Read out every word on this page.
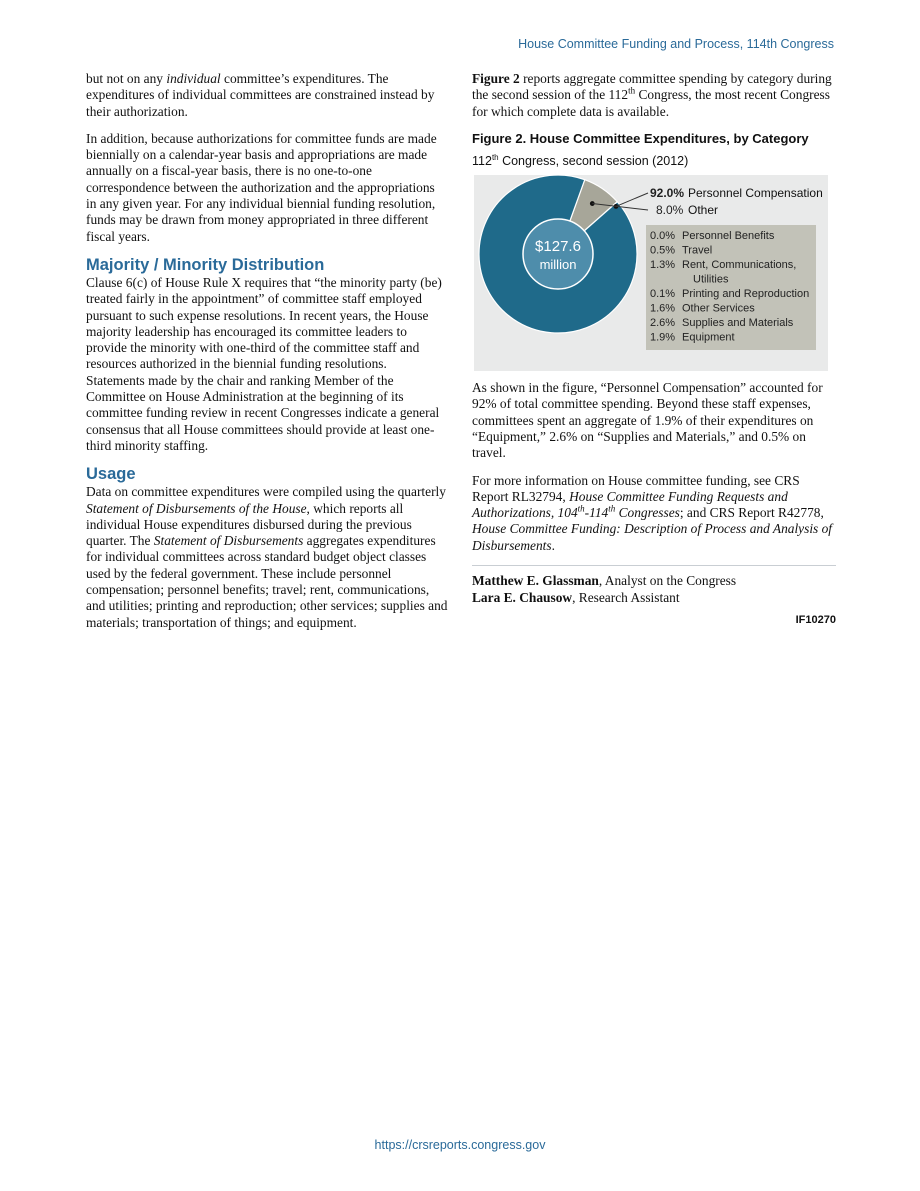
House Committee Funding and Process, 114th Congress

but not on any individual committee’s expenditures. The expenditures of individual committees are constrained instead by their authorization.

In addition, because authorizations for committee funds are made biennially on a calendar-year basis and appropriations are made annually on a fiscal-year basis, there is no one-to-one correspondence between the authorization and the appropriations in any given year. For any individual biennial funding resolution, funds may be drawn from money appropriated in three different fiscal years.

Majority / Minority Distribution

Clause 6(c) of House Rule X requires that “the minority party (be) treated fairly in the appointment” of committee staff employed pursuant to such expense resolutions. In recent years, the House majority leadership has encouraged its committee leaders to provide the minority with one-third of the committee staff and resources authorized in the biennial funding resolutions. Statements made by the chair and ranking Member of the Committee on House Administration at the beginning of its committee funding review in recent Congresses indicate a general consensus that all House committees should provide at least one-third minority staffing.

Usage

Data on committee expenditures were compiled using the quarterly Statement of Disbursements of the House, which reports all individual House expenditures disbursed during the previous quarter. The Statement of Disbursements aggregates expenditures for individual committees across standard budget object classes used by the federal government. These include personnel compensation; personnel benefits; travel; rent, communications, and utilities; printing and reproduction; other services; supplies and materials; transportation of things; and equipment.

Figure 2 reports aggregate committee spending by category during the second session of the 112th Congress, the most recent Congress for which complete data is available.

Figure 2. House Committee Expenditures, by Category
112th Congress, second session (2012)
$127.6
million
0.0% Personnel Benefits
0.5% Travel
1.3% Rent, Communications,
Utilities
0.1% Printing and Reproduction
1.6% Other Services
2.6% Supplies and Materials
1.9% Equipment
92.0% Personnel Compensation
8.0% Other

As shown in the figure, “Personnel Compensation” accounted for 92% of total committee spending. Beyond these staff expenses, committees spent an aggregate of 1.9% of their expenditures on “Equipment,” 2.6% on “Supplies and Materials,” and 0.5% on travel.

For more information on House committee funding, see CRS Report RL32794, House Committee Funding Requests and Authorizations, 104th-114th Congresses; and CRS Report R42778, House Committee Funding: Description of Process and Analysis of Disbursements.

Matthew E. Glassman, Analyst on the Congress
Lara E. Chausow, Research Assistant
IF10270
https://crsreports.congress.gov
